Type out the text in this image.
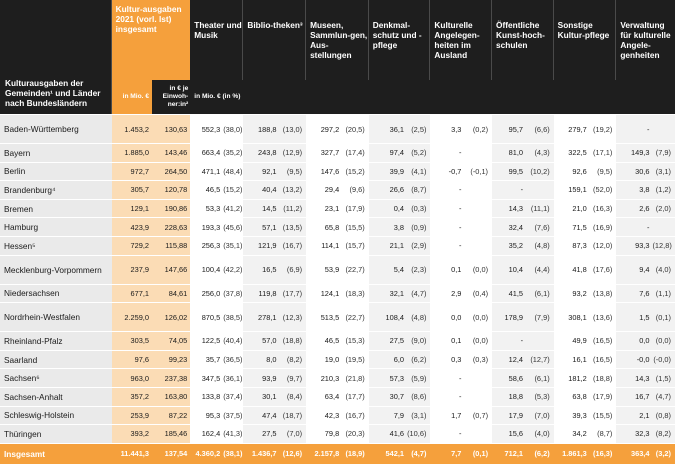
Kulturausgaben der Gemeinden¹ und Länder nach Bundesländern	Kultur-ausgaben 2021 (vorl. Ist) insgesamt		Theater und Musik		Biblio-theken³		Museen, Sammlun-gen, Aus-stellungen		Denkmal-schutz und -pflege		Kulturelle Angelegen-heiten im Ausland		Öffentliche Kunst-hoch-schulen		Sonstige Kultur-pflege		Verwaltung für kulturelle Angele-genheiten	
	in Mio. €	in € je Einwoh-ner:in²	in Mio. € (in %)															
Baden-Württemberg	1.453,2	130,63	552,3	(38,0)	188,8	(13,0)	297,2	(20,5)	36,1	(2,5)	3,3	(0,2)	95,7	(6,6)	279,7	(19,2)	-	
Bayern	1.885,0	143,46	663,4	(35,2)	243,8	(12,9)	327,7	(17,4)	97,4	(5,2)	-		81,0	(4,3)	322,5	(17,1)	149,3	(7,9)
Berlin	972,7	264,50	471,1	(48,4)	92,1	(9,5)	147,6	(15,2)	39,9	(4,1)	-0,7	(-0,1)	99,5	(10,2)	92,6	(9,5)	30,6	(3,1)
Brandenburg⁴	305,7	120,78	46,5	(15,2)	40,4	(13,2)	29,4	(9,6)	26,6	(8,7)	-		-		159,1	(52,0)	3,8	(1,2)
Bremen	129,1	190,86	53,3	(41,2)	14,5	(11,2)	23,1	(17,9)	0,4	(0,3)	-		14,3	(11,1)	21,0	(16,3)	2,6	(2,0)
Hamburg	423,9	228,63	193,3	(45,6)	57,1	(13,5)	65,8	(15,5)	3,8	(0,9)	-		32,4	(7,6)	71,5	(16,9)	-	
Hessen⁵	729,2	115,88	256,3	(35,1)	121,9	(16,7)	114,1	(15,7)	21,1	(2,9)	-		35,2	(4,8)	87,3	(12,0)	93,3	(12,8)
Mecklenburg-Vorpommern	237,9	147,66	100,4	(42,2)	16,5	(6,9)	53,9	(22,7)	5,4	(2,3)	0,1	(0,0)	10,4	(4,4)	41,8	(17,6)	9,4	(4,0)
Niedersachsen	677,1	84,61	256,0	(37,8)	119,8	(17,7)	124,1	(18,3)	32,1	(4,7)	2,9	(0,4)	41,5	(6,1)	93,2	(13,8)	7,6	(1,1)
Nordrhein-Westfalen	2.259,0	126,02	870,5	(38,5)	278,1	(12,3)	513,5	(22,7)	108,4	(4,8)	0,0	(0,0)	178,9	(7,9)	308,1	(13,6)	1,5	(0,1)
Rheinland-Pfalz	303,5	74,05	122,5	(40,4)	57,0	(18,8)	46,5	(15,3)	27,5	(9,0)	0,1	(0,0)	-		49,9	(16,5)	0,0	(0,0)
Saarland	97,6	99,23	35,7	(36,5)	8,0	(8,2)	19,0	(19,5)	6,0	(6,2)	0,3	(0,3)	12,4	(12,7)	16,1	(16,5)	-0,0	(-0,0)
Sachsen⁶	963,0	237,38	347,5	(36,1)	93,9	(9,7)	210,3	(21,8)	57,3	(5,9)	-		58,6	(6,1)	181,2	(18,8)	14,3	(1,5)
Sachsen-Anhalt	357,2	163,80	133,8	(37,4)	30,1	(8,4)	63,4	(17,7)	30,7	(8,6)	-		18,8	(5,3)	63,8	(17,9)	16,7	(4,7)
Schleswig-Holstein	253,9	87,22	95,3	(37,5)	47,4	(18,7)	42,3	(16,7)	7,9	(3,1)	1,7	(0,7)	17,9	(7,0)	39,3	(15,5)	2,1	(0,8)
Thüringen	393,2	185,46	162,4	(41,3)	27,5	(7,0)	79,8	(20,3)	41,6	(10,6)	-		15,6	(4,0)	34,2	(8,7)	32,3	(8,2)
Insgesamt	11.441,3	137,54	4.360,2	(38,1)	1.436,7	(12,6)	2.157,8	(18,9)	542,1	(4,7)	7,7	(0,1)	712,1	(6,2)	1.861,3	(16,3)	363,4	(3,2)
